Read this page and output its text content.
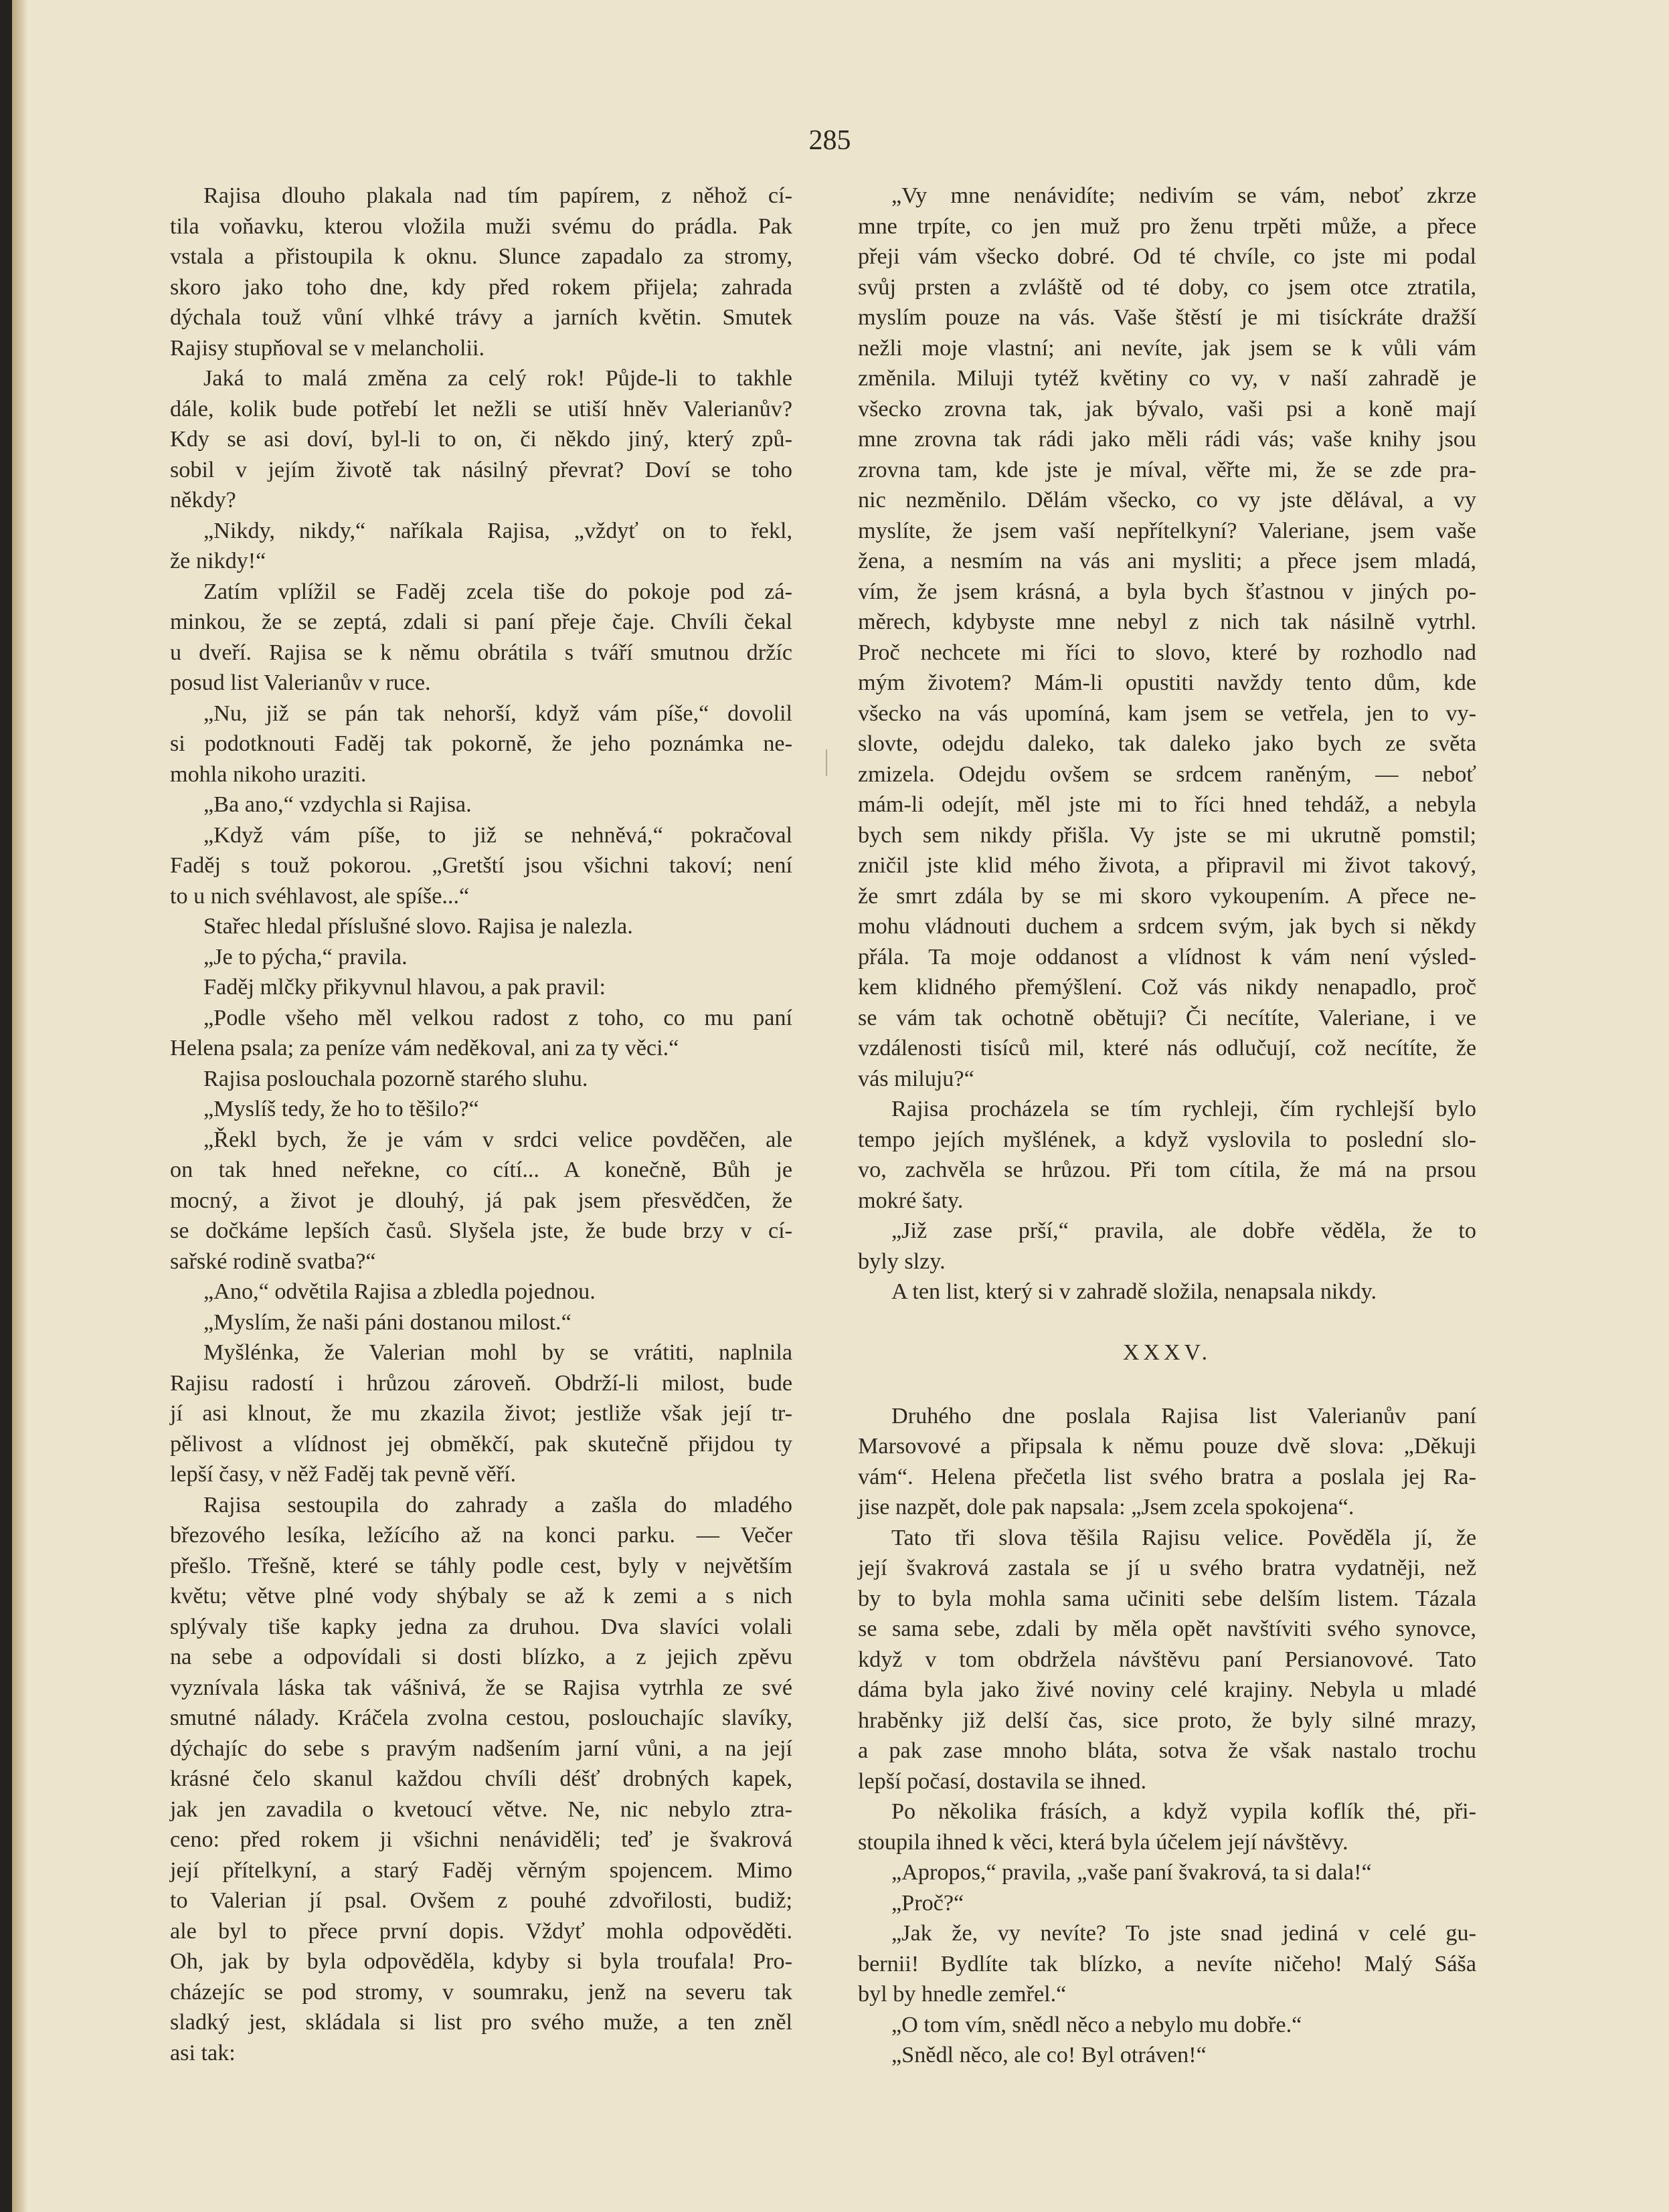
285
Rajisa dlouho plakala nad tím papírem, z něhož cí-
tila voňavku, kterou vložila muži svému do prádla. Pak
vstala a přistoupila k oknu. Slunce zapadalo za stromy,
skoro jako toho dne, kdy před rokem přijela; zahrada
dýchala touž vůní vlhké trávy a jarních květin. Smutek
Rajisy stupňoval se v melancholii.
Jaká to malá změna za celý rok! Půjde-li to takhle
dále, kolik bude potřebí let nežli se utiší hněv Valerianův?
Kdy se asi doví, byl-li to on, či někdo jiný, který způ-
sobil v jejím životě tak násilný převrat? Doví se toho
někdy?
„Nikdy, nikdy,“ naříkala Rajisa, „vždyť on to řekl,
že nikdy!“
Zatím vplížil se Faděj zcela tiše do pokoje pod zá-
minkou, že se zeptá, zdali si paní přeje čaje. Chvíli čekal
u dveří. Rajisa se k němu obrátila s tváří smutnou držíc
posud list Valerianův v ruce.
„Nu, již se pán tak nehorší, když vám píše,“ dovolil
si podotknouti Faděj tak pokorně, že jeho poznámka ne-
mohla nikoho uraziti.
„Ba ano,“ vzdychla si Rajisa.
„Když vám píše, to již se nehněvá,“ pokračoval
Faděj s touž pokorou. „Gretští jsou všichni takoví; není
to u nich svéhlavost, ale spíše...“
Stařec hledal příslušné slovo. Rajisa je nalezla.
„Je to pýcha,“ pravila.
Faděj mlčky přikyvnul hlavou, a pak pravil:
„Podle všeho měl velkou radost z toho, co mu paní
Helena psala; za peníze vám neděkoval, ani za ty věci.“
Rajisa poslouchala pozorně starého sluhu.
„Myslíš tedy, že ho to těšilo?“
„Řekl bych, že je vám v srdci velice povděčen, ale
on tak hned neřekne, co cítí... A konečně, Bůh je
mocný, a život je dlouhý, já pak jsem přesvědčen, že
se dočkáme lepších časů. Slyšela jste, že bude brzy v cí-
sařské rodině svatba?“
„Ano,“ odvětila Rajisa a zbledla pojednou.
„Myslím, že naši páni dostanou milost.“
Myšlénka, že Valerian mohl by se vrátiti, naplnila
Rajisu radostí i hrůzou zároveň. Obdrží-li milost, bude
jí asi klnout, že mu zkazila život; jestliže však její tr-
pělivost a vlídnost jej obměkčí, pak skutečně přijdou ty
lepší časy, v něž Faděj tak pevně věří.
Rajisa sestoupila do zahrady a zašla do mladého
březového lesíka, ležícího až na konci parku. — Večer
přešlo. Třešně, které se táhly podle cest, byly v největším
květu; větve plné vody shýbaly se až k zemi a s nich
splývaly tiše kapky jedna za druhou. Dva slavíci volali
na sebe a odpovídali si dosti blízko, a z jejich zpěvu
vyznívala láska tak vášnivá, že se Rajisa vytrhla ze své
smutné nálady. Kráčela zvolna cestou, poslouchajíc slavíky,
dýchajíc do sebe s pravým nadšením jarní vůni, a na její
krásné čelo skanul každou chvíli déšť drobných kapek,
jak jen zavadila o kvetoucí větve. Ne, nic nebylo ztra-
ceno: před rokem ji všichni nenáviděli; teď je švakrová
její přítelkyní, a starý Faděj věrným spojencem. Mimo
to Valerian jí psal. Ovšem z pouhé zdvořilosti, budiž;
ale byl to přece první dopis. Vždyť mohla odpověděti.
Oh, jak by byla odpověděla, kdyby si byla troufala! Pro-
cházejíc se pod stromy, v soumraku, jenž na severu tak
sladký jest, skládala si list pro svého muže, a ten zněl
asi tak:
„Vy mne nenávidíte; nedivím se vám, neboť zkrze
mne trpíte, co jen muž pro ženu trpěti může, a přece
přeji vám všecko dobré. Od té chvíle, co jste mi podal
svůj prsten a zvláště od té doby, co jsem otce ztratila,
myslím pouze na vás. Vaše štěstí je mi tisíckráte dražší
nežli moje vlastní; ani nevíte, jak jsem se k vůli vám
změnila. Miluji tytéž květiny co vy, v naší zahradě je
všecko zrovna tak, jak bývalo, vaši psi a koně mají
mne zrovna tak rádi jako měli rádi vás; vaše knihy jsou
zrovna tam, kde jste je míval, věřte mi, že se zde pra-
nic nezměnilo. Dělám všecko, co vy jste dělával, a vy
myslíte, že jsem vaší nepřítelkyní? Valeriane, jsem vaše
žena, a nesmím na vás ani mysliti; a přece jsem mladá,
vím, že jsem krásná, a byla bych šťastnou v jiných po-
měrech, kdybyste mne nebyl z nich tak násilně vytrhl.
Proč nechcete mi říci to slovo, které by rozhodlo nad
mým životem? Mám-li opustiti navždy tento dům, kde
všecko na vás upomíná, kam jsem se vetřela, jen to vy-
slovte, odejdu daleko, tak daleko jako bych ze světa
zmizela. Odejdu ovšem se srdcem raněným, — neboť
mám-li odejít, měl jste mi to říci hned tehdáž, a nebyla
bych sem nikdy přišla. Vy jste se mi ukrutně pomstil;
zničil jste klid mého života, a připravil mi život takový,
že smrt zdála by se mi skoro vykoupením. A přece ne-
mohu vládnouti duchem a srdcem svým, jak bych si někdy
přála. Ta moje oddanost a vlídnost k vám není výsled-
kem klidného přemýšlení. Což vás nikdy nenapadlo, proč
se vám tak ochotně obětuji? Či necítíte, Valeriane, i ve
vzdálenosti tisíců mil, které nás odlučují, což necítíte, že
vás miluju?“
Rajisa procházela se tím rychleji, čím rychlejší bylo
tempo jejích myšlének, a když vyslovila to poslední slo-
vo, zachvěla se hrůzou. Při tom cítila, že má na prsou
mokré šaty.
„Již zase prší,“ pravila, ale dobře věděla, že to
byly slzy.
A ten list, který si v zahradě složila, nenapsala nikdy.
XXXV.
Druhého dne poslala Rajisa list Valerianův paní
Marsovové a připsala k němu pouze dvě slova: „Děkuji
vám“. Helena přečetla list svého bratra a poslala jej Ra-
jise nazpět, dole pak napsala: „Jsem zcela spokojena“.
Tato tři slova těšila Rajisu velice. Pověděla jí, že
její švakrová zastala se jí u svého bratra vydatněji, než
by to byla mohla sama učiniti sebe delším listem. Tázala
se sama sebe, zdali by měla opět navštíviti svého synovce,
když v tom obdržela návštěvu paní Persianovové. Tato
dáma byla jako živé noviny celé krajiny. Nebyla u mladé
hraběnky již delší čas, sice proto, že byly silné mrazy,
a pak zase mnoho bláta, sotva že však nastalo trochu
lepší počasí, dostavila se ihned.
Po několika frásích, a když vypila koflík thé, při-
stoupila ihned k věci, která byla účelem její návštěvy.
„Apropos,“ pravila, „vaše paní švakrová, ta si dala!“
„Proč?“
„Jak že, vy nevíte? To jste snad jediná v celé gu-
bernii! Bydlíte tak blízko, a nevíte ničeho! Malý Sáša
byl by hnedle zemřel.“
„O tom vím, snědl něco a nebylo mu dobře.“
„Snědl něco, ale co! Byl otráven!“
